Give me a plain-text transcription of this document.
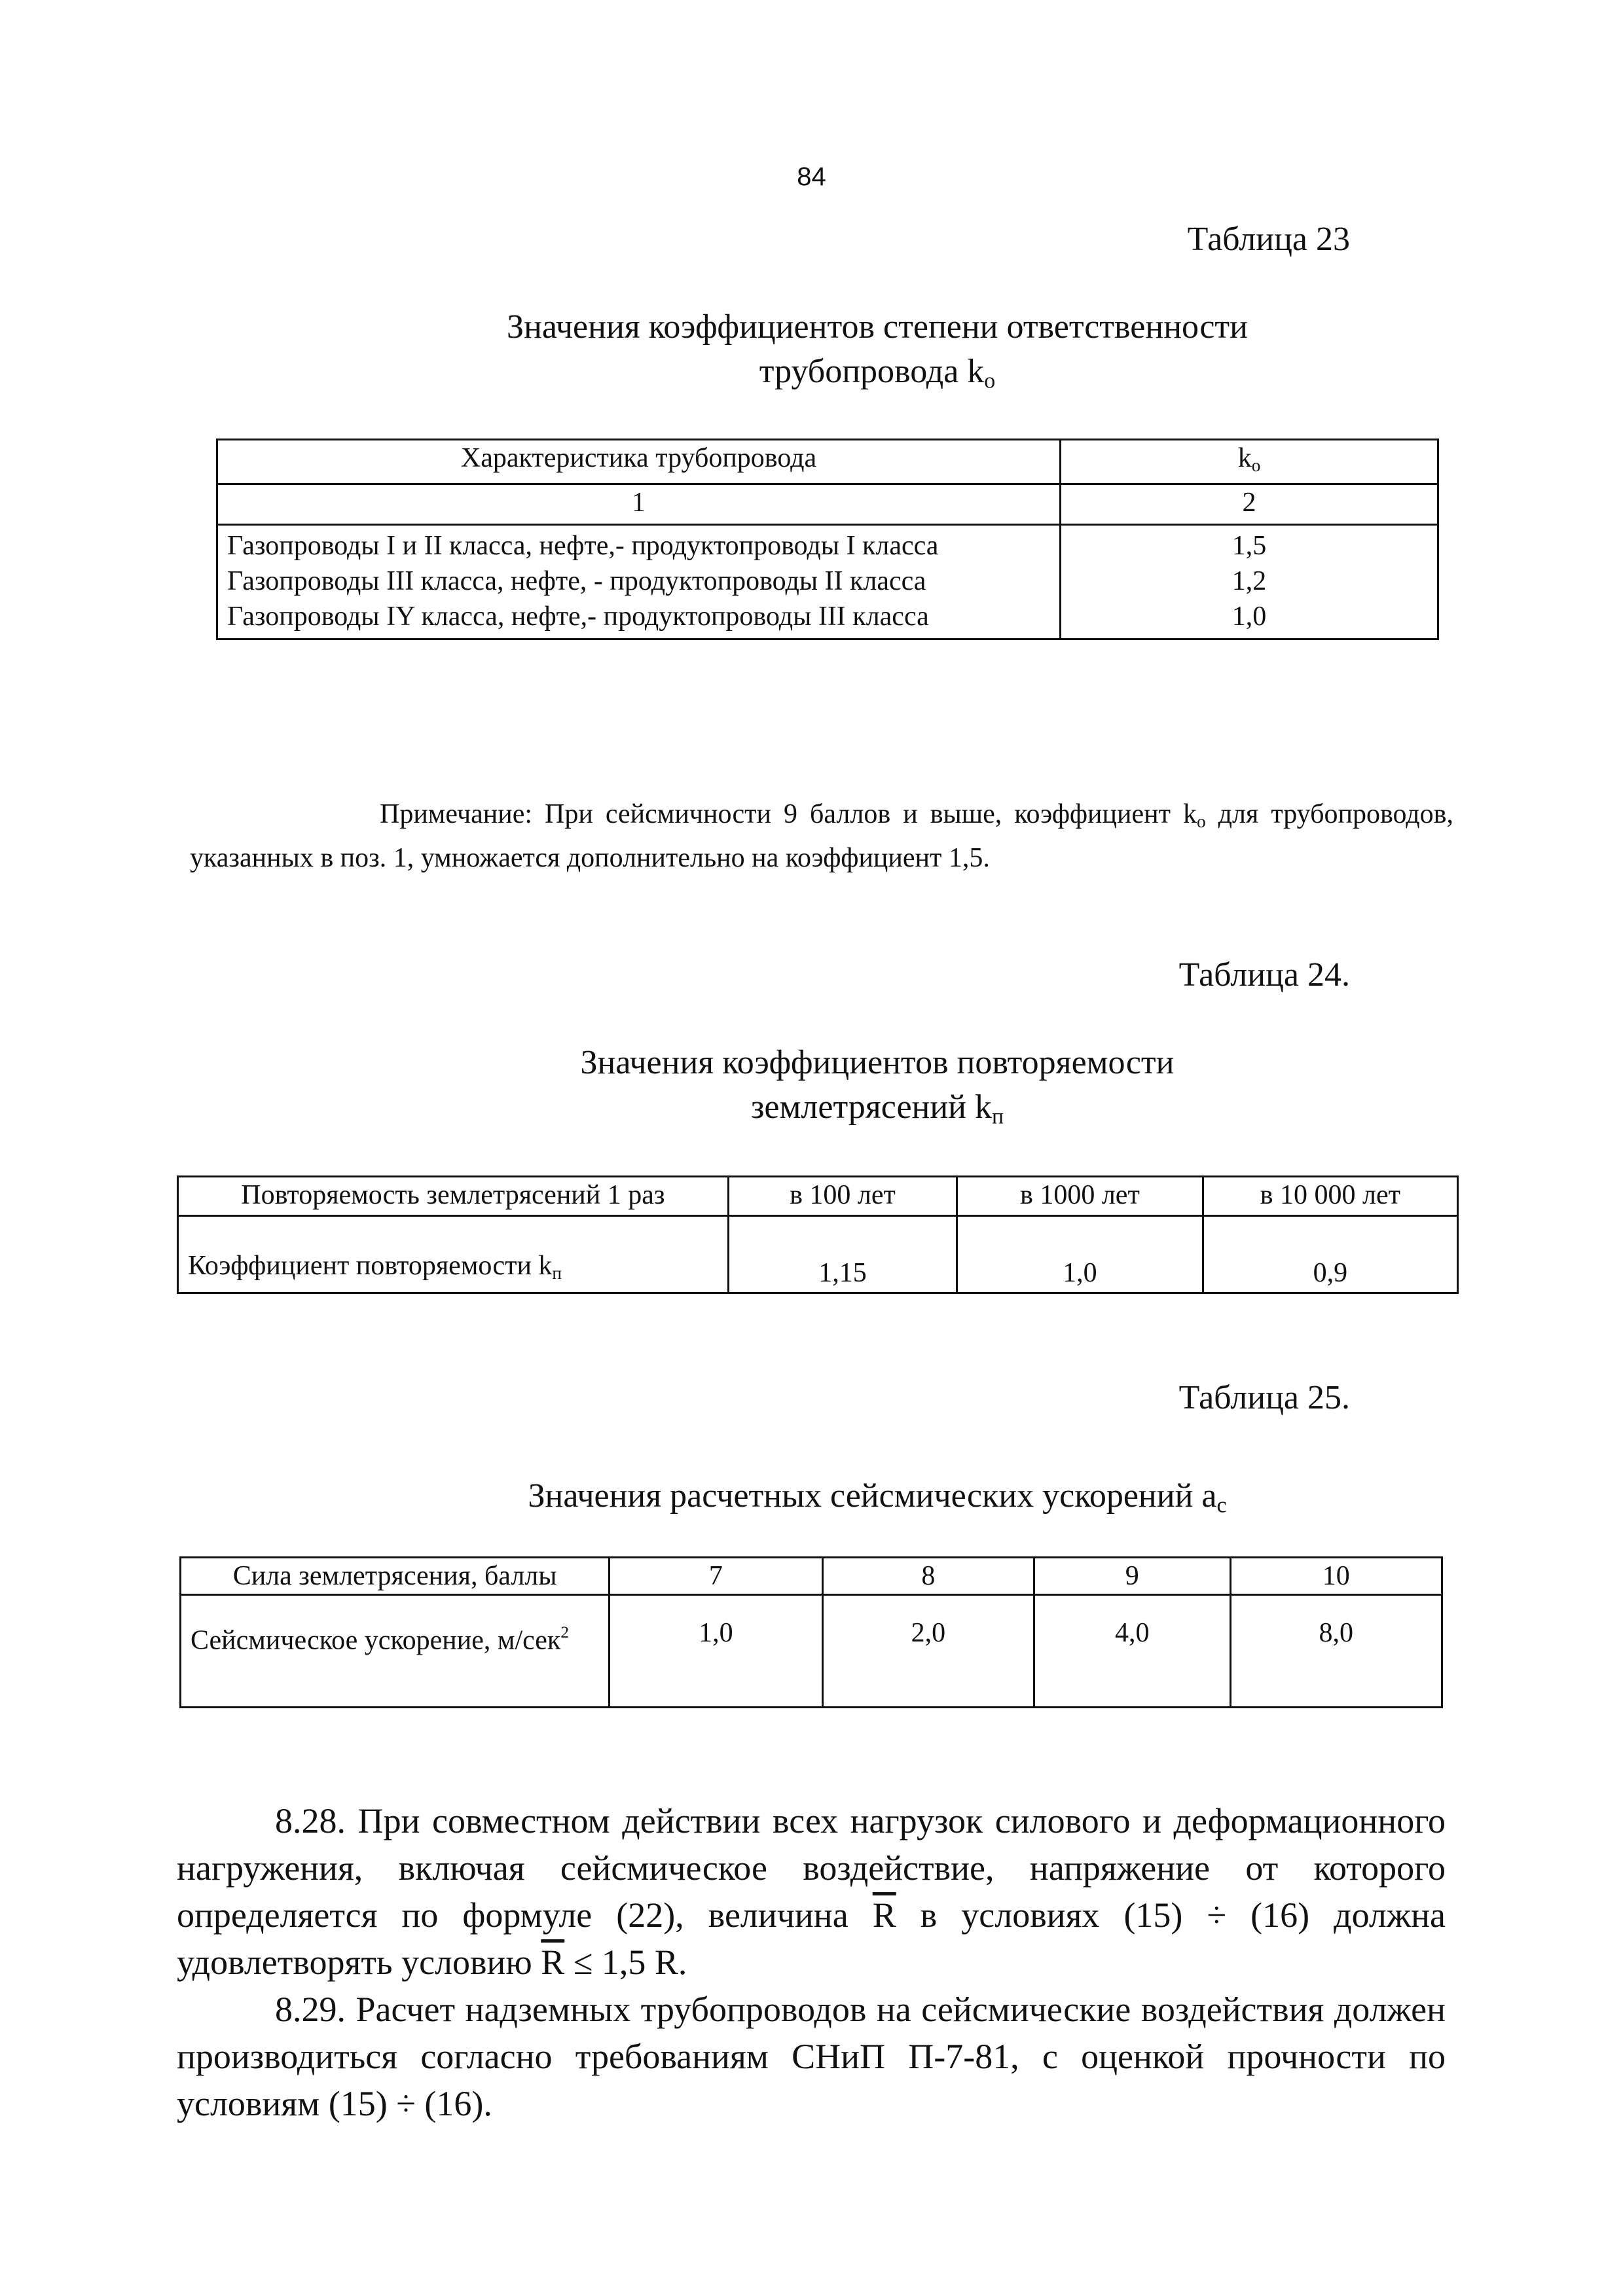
84
Таблица 23
Значения коэффициентов степени ответственности
трубопровода $k_o$
Характеристика трубопровода	$k_o$
1	2
Газопроводы I и II класса, нефте,- продуктопроводы I класса	1,5
Газопроводы III класса, нефте, - продуктопроводы II класса	1,2
Газопроводы IY класса, нефте,- продуктопроводы III класса	1,0
Примечание: При сейсмичности 9 баллов и выше, коэффициент $k_o$ для трубопроводов, указанных в поз. 1, умножается дополнительно на коэффициент 1,5.
Таблица 24.
Значения коэффициентов повторяемости
землетрясений $k_п$
Повторяемость землетрясений 1 раз	в 100 лет	в 1000 лет	в 10 000 лет
Коэффициент повторяемости $k_п$	1,15	1,0	0,9
Таблица 25.
Значения расчетных сейсмических ускорений $a_c$
Сила землетрясения, баллы	7	8	9	10
Сейсмическое ускорение, м/сек$^2$	1,0	2,0	4,0	8,0

8.28. При совместном действии всех нагрузок силового и деформационного нагружения, включая сейсмическое воздействие, напряжение от которого определяется по формуле (22), величина $\overline{R}$ в условиях (15) ÷ (16) должна удовлетворять условию $\overline{R} \le 1,5$ R.

8.29. Расчет надземных трубопроводов на сейсмические воздействия должен производиться согласно требованиям СНиП П-7-81, с оценкой прочности по условиям (15) ÷ (16).
